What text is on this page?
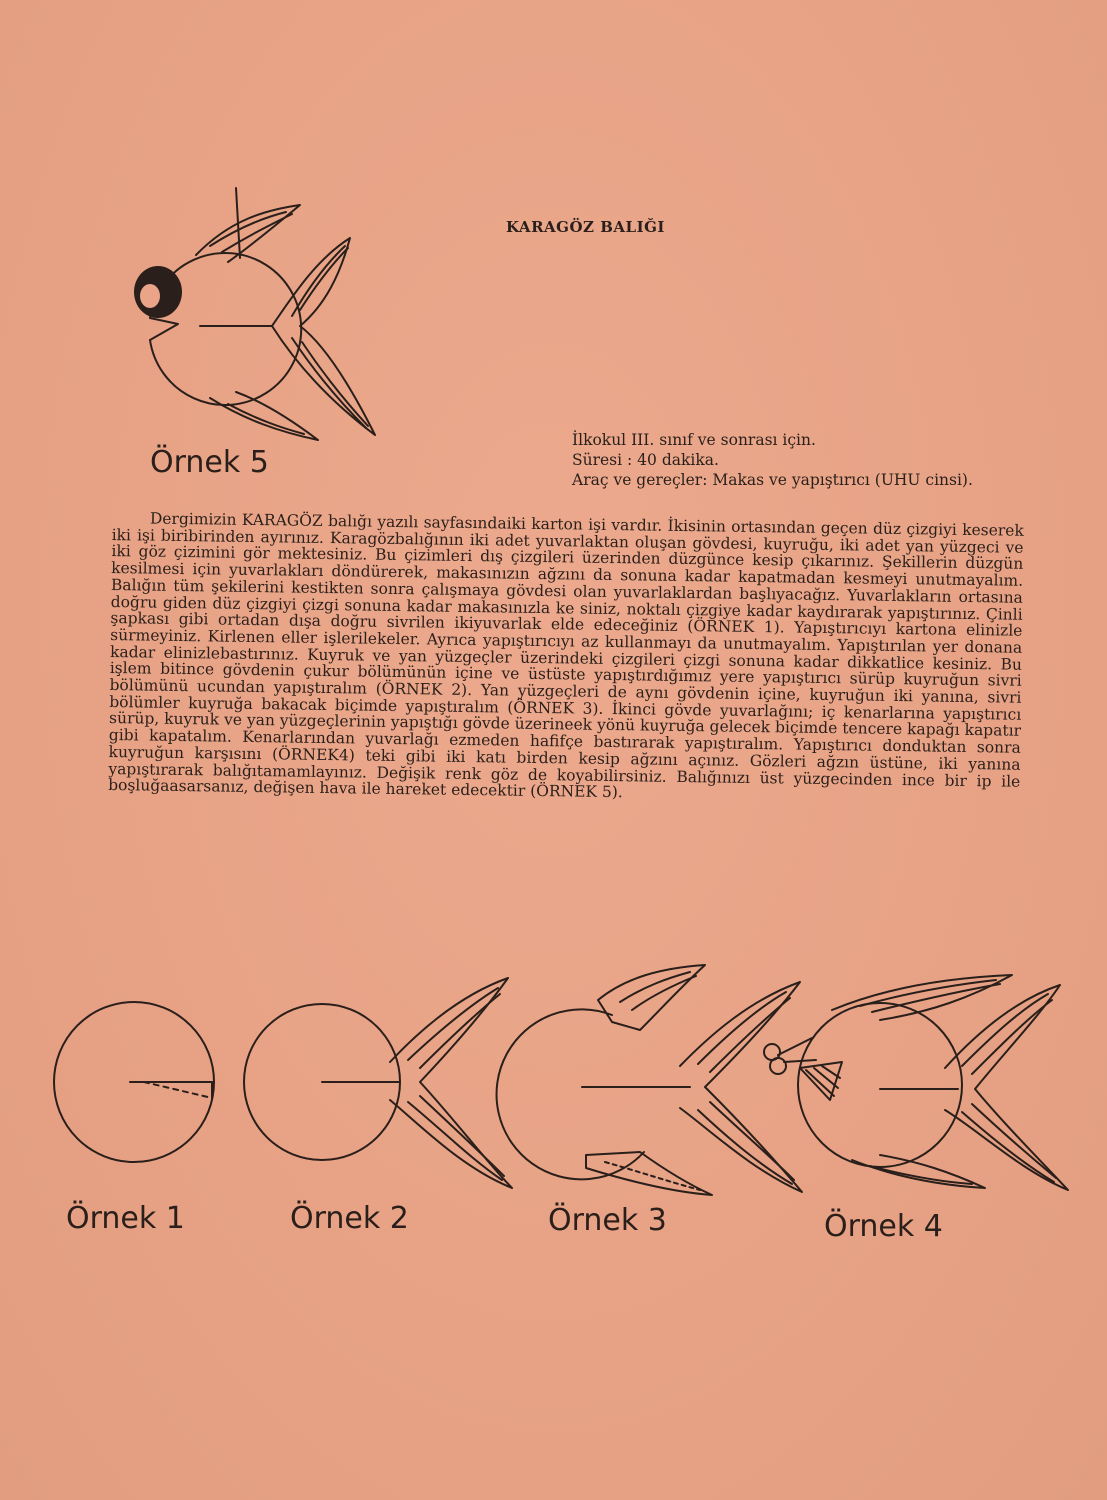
Örnek 5
Örnek 1	Örnek 2	Örnek 3	Örnek 4
KARAGÖZ BALIĞI
İlkokul III. sınıf ve sonrası için.
Süresi : 40 dakika.
Araç ve gereçler: Makas ve yapıştırıcı (UHU cinsi).
Dergimizin KARAGÖZ balığı yazılı sayfasındaiki karton işi vardır. İkisinin ortasından geçen düz çizgiyi keserek iki işi biribirinden ayırınız. Karagözbalığının iki adet yuvarlaktan oluşan gövdesi, kuyruğu, iki adet yan yüzgeci ve iki göz çizimini gör mektesiniz. Bu çizimleri dış çizgileri üzerinden düzgünce kesip çıkarınız. Şekillerin düzgün kesilmesi için yuvarlakları döndürerek, makasınızın ağzını da sonuna kadar kapatmadan kesmeyi unutmayalım. Balığın tüm şekilerini kestikten sonra çalışmaya gövdesi olan yuvarlaklardan başlıyacağız. Yuvarlakların ortasına doğru giden düz çizgiyi çizgi sonuna kadar makasınızla ke siniz, noktalı çizgiye kadar kaydırarak yapıştırınız. Çinli şapkası gibi ortadan dışa doğru sivrilen ikiyuvarlak elde edeceğiniz (ÖRNEK 1). Yapıştırıcıyı kartona elinizle sürmeyiniz. Kirlenen eller işlerilekeler. Ayrıca yapıştırıcıyı az kullanmayı da unutmayalım. Yapıştırılan yer donana kadar elinizlebastırınız. Kuyruk ve yan yüzgeçler üzerindeki çizgileri çizgi sonuna kadar dikkatlice kesiniz. Bu işlem bitince gövdenin çukur bölümünün içine ve üstüste yapıştırdığımız yere yapıştırıcı sürüp kuyruğun sivri bölümünü ucundan yapıştıralım (ÖRNEK 2). Yan yüzgeçleri de aynı gövdenin içine, kuyruğun iki yanına, sivri bölümler kuyruğa bakacak biçimde yapıştıralım (ÖRNEK 3). İkinci gövde yuvarlağını; iç kenarlarına yapıştırıcı sürüp, kuyruk ve yan yüzgeçlerinin yapıştığı gövde üzerineek yönü kuyruğa gelecek biçimde tencere kapağı kapatır gibi kapatalım. Kenarlarından yuvarlağı ezmeden hafifçe bastırarak yapıştıralım. Yapıştırıcı donduktan sonra kuyruğun karşısını (ÖRNEK4) teki gibi iki katı birden kesip ağzını açınız. Gözleri ağzın üstüne, iki yanına yapıştırarak balığıtamamlayınız. Değişik renk göz de koyabilirsiniz. Balığınızı üst yüzgecinden ince bir ip ile boşluğaasarsanız, değişen hava ile hareket edecektir (ÖRNEK 5).
